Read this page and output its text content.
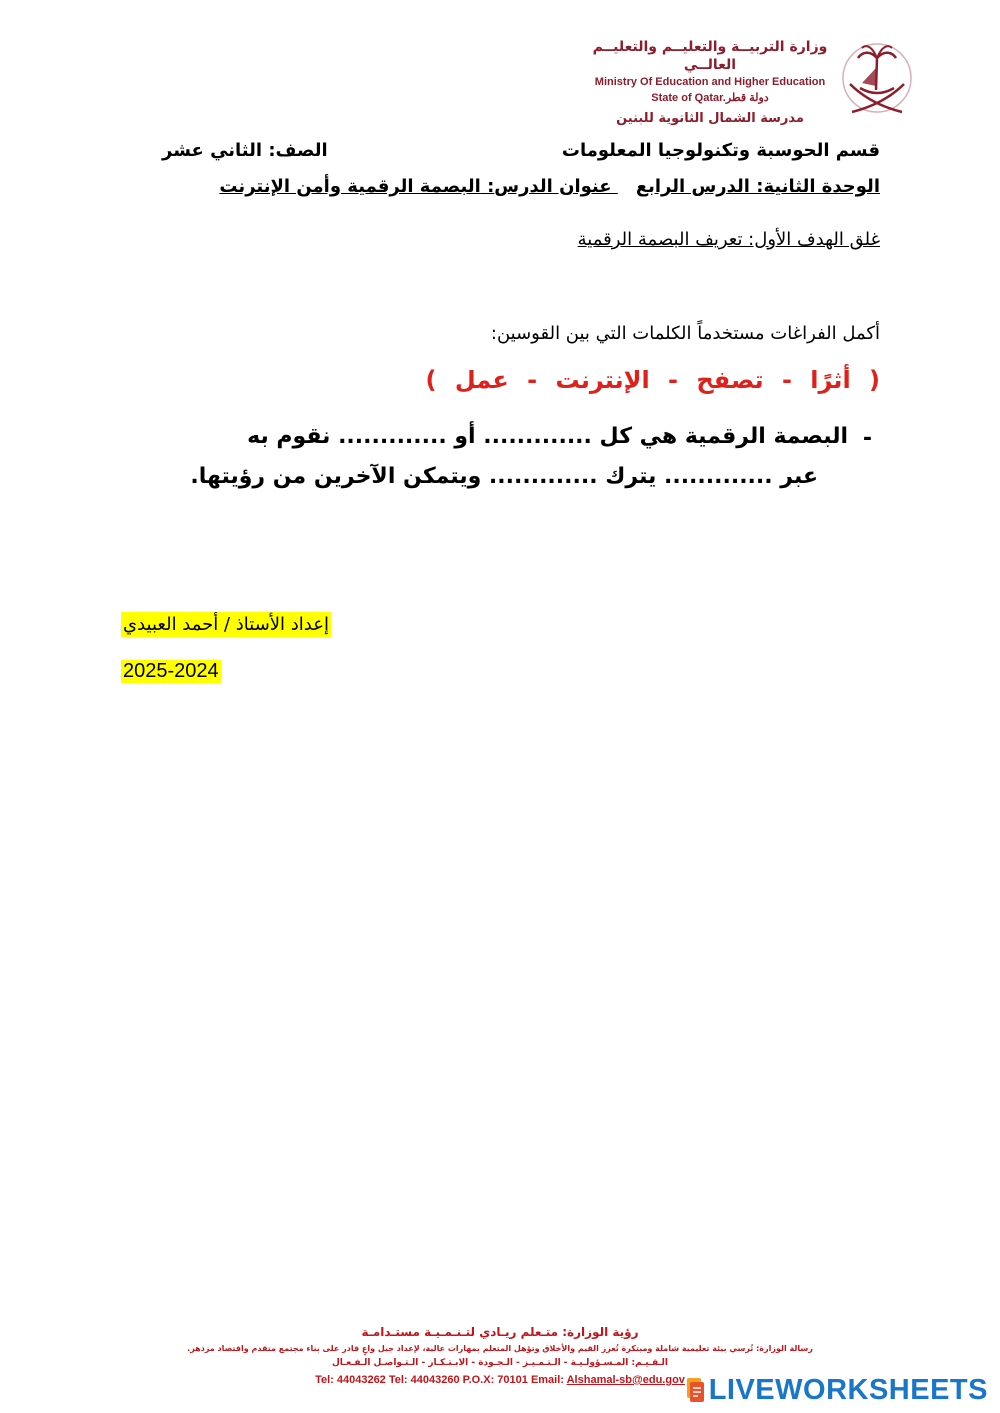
وزارة التربيــة والتعليــم والتعليــم العالــي
Ministry Of Education and Higher Education
State of Qatar.دولة قطر
مدرسة الشمال الثانوية للبنين
قسم الحوسبة وتكنولوجيا المعلومات
الصف: الثاني عشر
الوحدة الثانية: الدرس الرابع عنوان الدرس: البصمة الرقمية وأمن الإنترنت
غلق الهدف الأول: تعريف البصمة الرقمية
أكمل الفراغات مستخدماً الكلمات التي بين القوسين:
( أثرًا - تصفح - الإنترنت - عمل )
-
البصمة الرقمية هي كل ............. أو ............. نقوم به
عبر ............. يترك ............. ويتمكن الآخرين من رؤيتها.
إعداد الأستاذ / أحمد العبيدي
2025-2024
رؤية الوزارة: متـعلم ريـادي لتـنـمـيـة مستـدامـة
رسالة الوزارة: تُرسي بيئة تعليمية شاملة ومبتكرة تُعزز القيم والأخلاق وتؤهل المتعلم بمهارات عالية، لإعداد جيل واعٍ قادر على بناء مجتمع متقدم واقتصاد مزدهر.
الـقـيـم: المـسـؤولـيـة - الـتـمـيـز - الـجـودة - الابـتـكـار - الـتـواصـل الـفـعـال
Tel: 44043262 Tel: 44043260 P.O.X: 70101 Email: Alshamal-sb@edu.gov LIVEWORKSHEETS
